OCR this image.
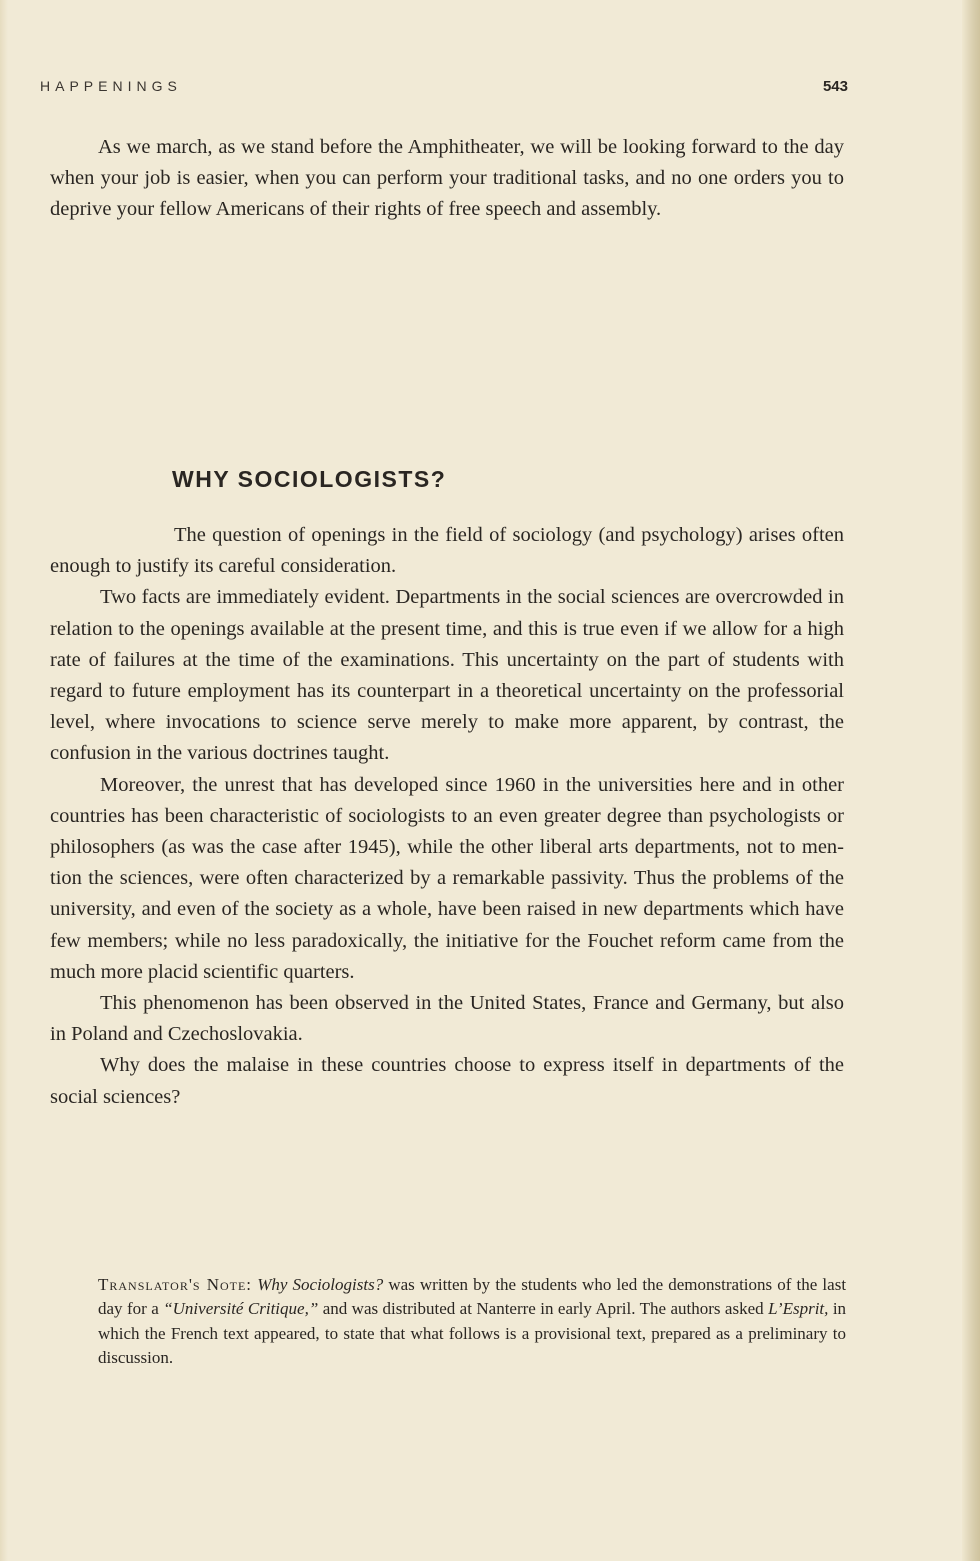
HAPPENINGS	543

As we march, as we stand before the Amphitheater, we will be looking forward to the day when your job is easier, when you can perform your traditional tasks, and no one orders you to deprive your fellow Americans of their rights of free speech and assembly.

WHY SOCIOLOGISTS?

The question of openings in the field of sociology (and psychology) arises often enough to justify its careful consideration.

Two facts are immediately evident. Departments in the social sciences are overcrowded in relation to the openings available at the present time, and this is true even if we allow for a high rate of failures at the time of the examinations. This uncertainty on the part of students with regard to future employment has its counterpart in a theoretical uncertainty on the professorial level, where invocations to science serve merely to make more apparent, by contrast, the confusion in the various doctrines taught.

Moreover, the unrest that has developed since 1960 in the universities here and in other countries has been characteristic of sociologists to an even greater degree than psychologists or philosophers (as was the case after 1945), while the other liberal arts departments, not to mention the sciences, were often characterized by a remarkable passivity. Thus the problems of the university, and even of the society as a whole, have been raised in new departments which have few members; while no less paradoxically, the initiative for the Fouchet reform came from the much more placid scientific quarters.

This phenomenon has been observed in the United States, France and Germany, but also in Poland and Czechoslovakia.

Why does the malaise in these countries choose to express itself in departments of the social sciences?

Translator's Note: Why Sociologists? was written by the students who led the demonstrations of the last day for a “Université Critique,” and was distributed at Nanterre in early April. The authors asked L’Esprit, in which the French text appeared, to state that what follows is a provisional text, prepared as a preliminary to discussion.
